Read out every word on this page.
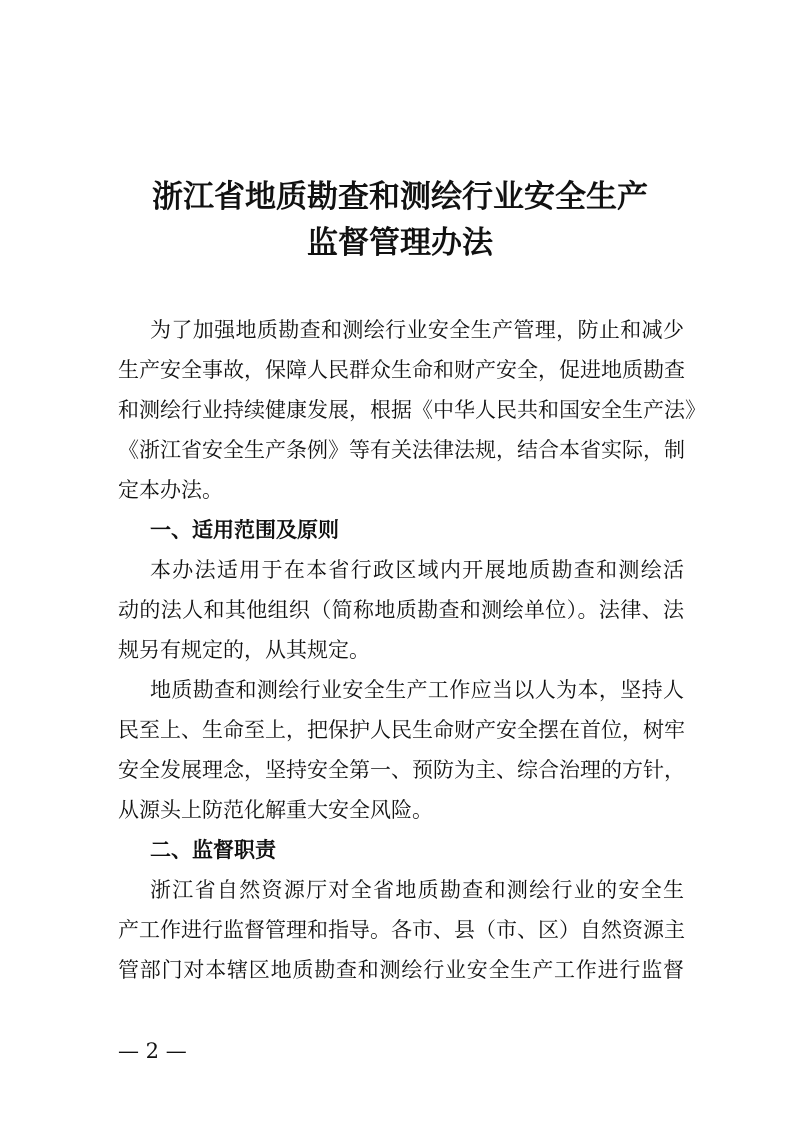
浙江省地质勘查和测绘行业安全生产
监督管理办法
为了加强地质勘查和测绘行业安全生产管理，防止和减少
生产安全事故，保障人民群众生命和财产安全，促进地质勘查
和测绘行业持续健康发展，根据《中华人民共和国安全生产法》
《浙江省安全生产条例》等有关法律法规，结合本省实际，制
定本办法。
一、适用范围及原则
本办法适用于在本省行政区域内开展地质勘查和测绘活
动的法人和其他组织（简称地质勘查和测绘单位）。法律、法
规另有规定的，从其规定。
地质勘查和测绘行业安全生产工作应当以人为本，坚持人
民至上、生命至上，把保护人民生命财产安全摆在首位，树牢
安全发展理念，坚持安全第一、预防为主、综合治理的方针，
从源头上防范化解重大安全风险。
二、监督职责
浙江省自然资源厅对全省地质勘查和测绘行业的安全生
产工作进行监督管理和指导。各市、县（市、区）自然资源主
管部门对本辖区地质勘查和测绘行业安全生产工作进行监督
— 2 —
